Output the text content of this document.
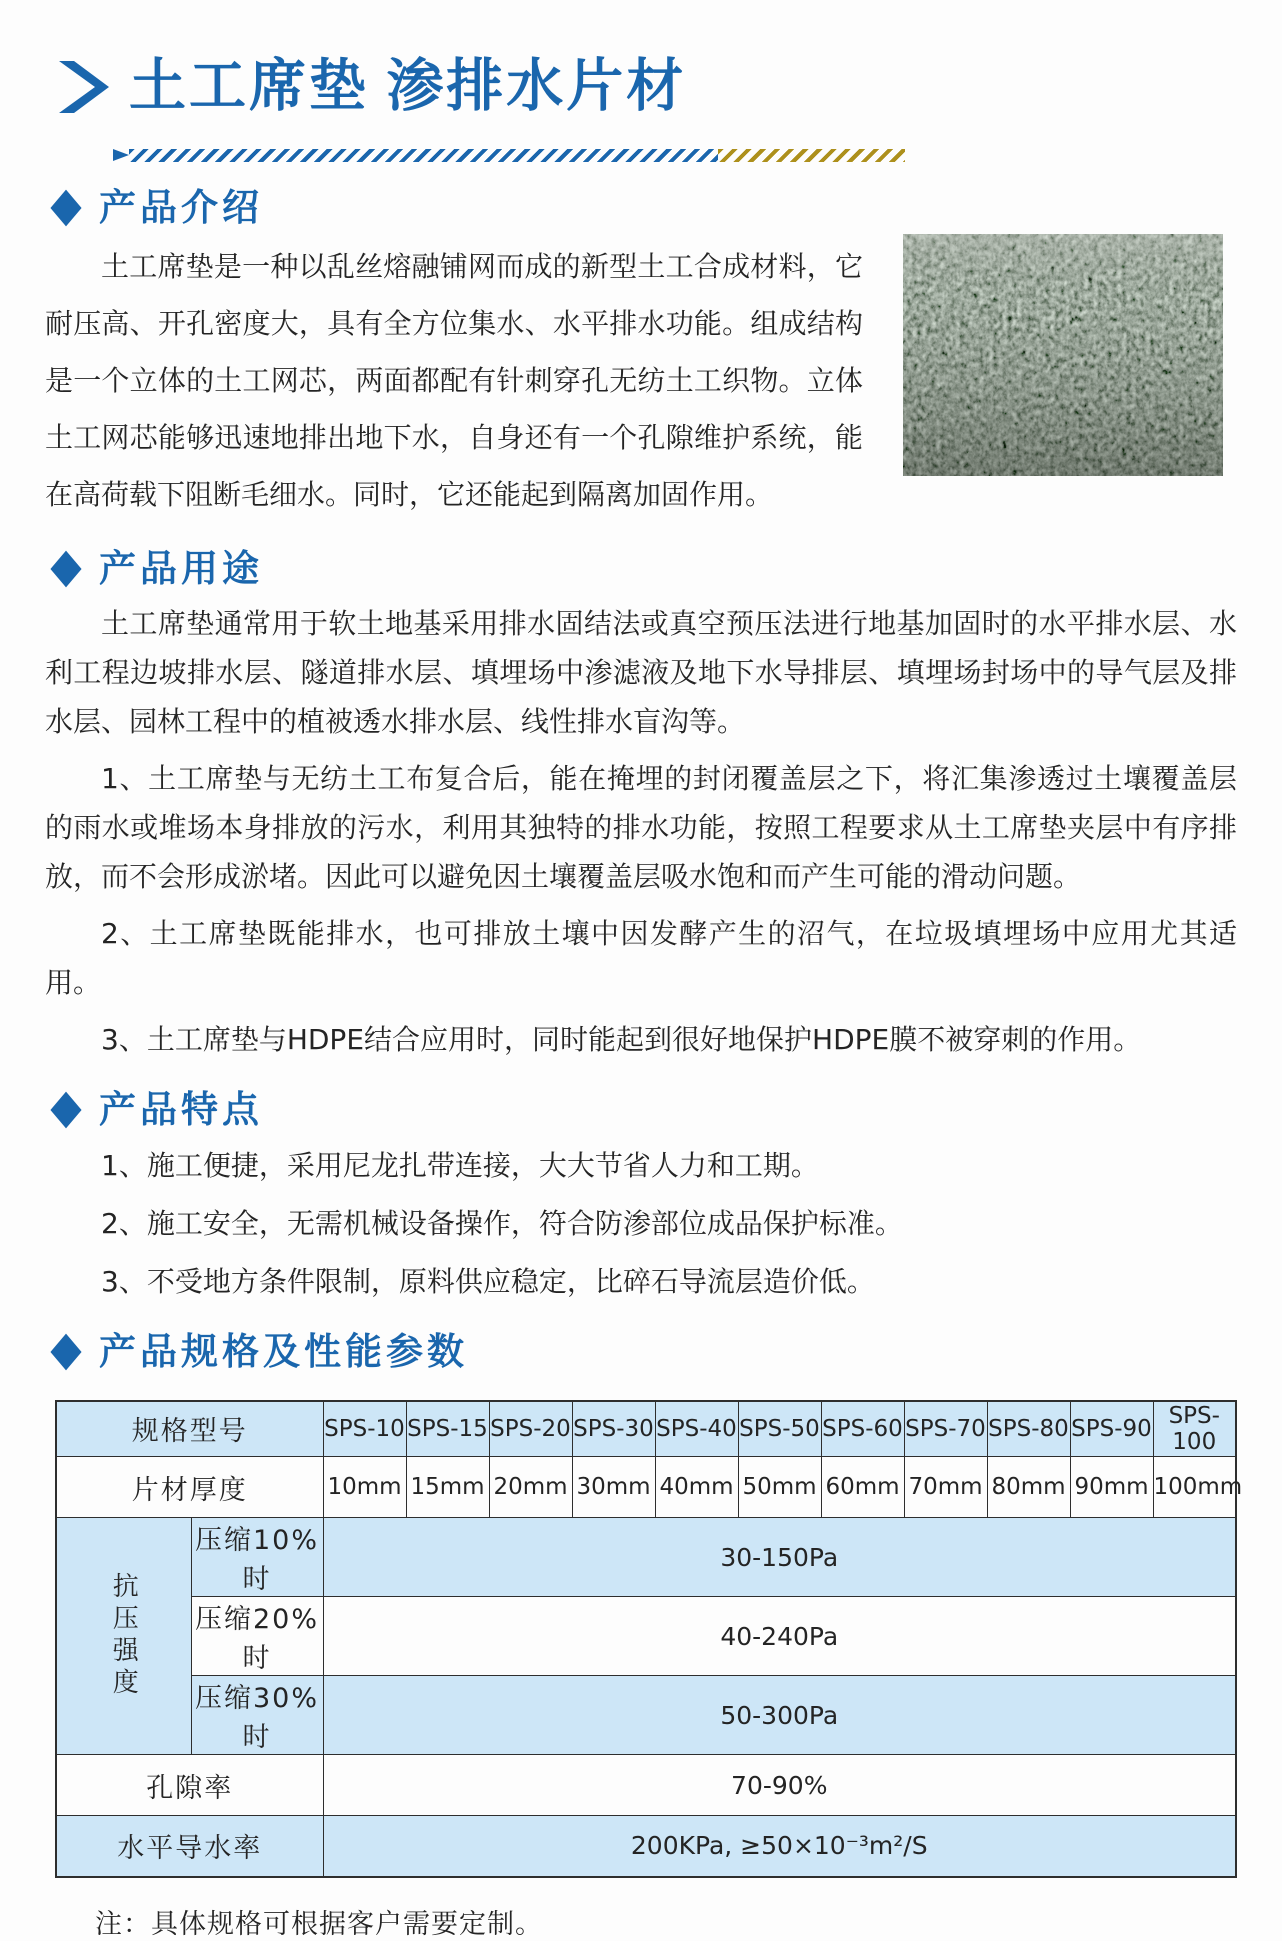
土工席垫 渗排水片材
产品介绍

土工席垫是一种以乱丝熔融铺网而成的新型土工合成材料，它耐压高、开孔密度大，具有全方位集水、水平排水功能。组成结构是一个立体的土工网芯，两面都配有针刺穿孔无纺土工织物。立体土工网芯能够迅速地排出地下水，自身还有一个孔隙维护系统，能在高荷载下阻断毛细水。同时，它还能起到隔离加固作用。

产品用途

土工席垫通常用于软土地基采用排水固结法或真空预压法进行地基加固时的水平排水层、水利工程边坡排水层、隧道排水层、填埋场中渗滤液及地下水导排层、填埋场封场中的导气层及排水层、园林工程中的植被透水排水层、线性排水盲沟等。

1、土工席垫与无纺土工布复合后，能在掩埋的封闭覆盖层之下，将汇集渗透过土壤覆盖层的雨水或堆场本身排放的污水，利用其独特的排水功能，按照工程要求从土工席垫夹层中有序排放，而不会形成淤堵。因此可以避免因土壤覆盖层吸水饱和而产生可能的滑动问题。

2、土工席垫既能排水，也可排放土壤中因发酵产生的沼气，在垃圾填埋场中应用尤其适用。

3、土工席垫与HDPE结合应用时，同时能起到很好地保护HDPE膜不被穿刺的作用。

产品特点

1、施工便捷，采用尼龙扎带连接，大大节省人力和工期。

2、施工安全，无需机械设备操作，符合防渗部位成品保护标准。

3、不受地方条件限制，原料供应稳定，比碎石导流层造价低。

产品规格及性能参数
规格型号		SPS-10	SPS-15	SPS-20	SPS-30	SPS-40	SPS-50	SPS-60	SPS-70	SPS-80	SPS-90	SPS-100
片材厚度		10mm	15mm	20mm	30mm	40mm	50mm	60mm	70mm	80mm	90mm	100mm

抗压强度	压缩10%时	30-150Pa										
	压缩20%时	40-240Pa										
	压缩30%时	50-300Pa										
孔隙率		70-90%										
水平导水率		200KPa, ≥50×10⁻³m²/S										
注：具体规格可根据客户需要定制。
